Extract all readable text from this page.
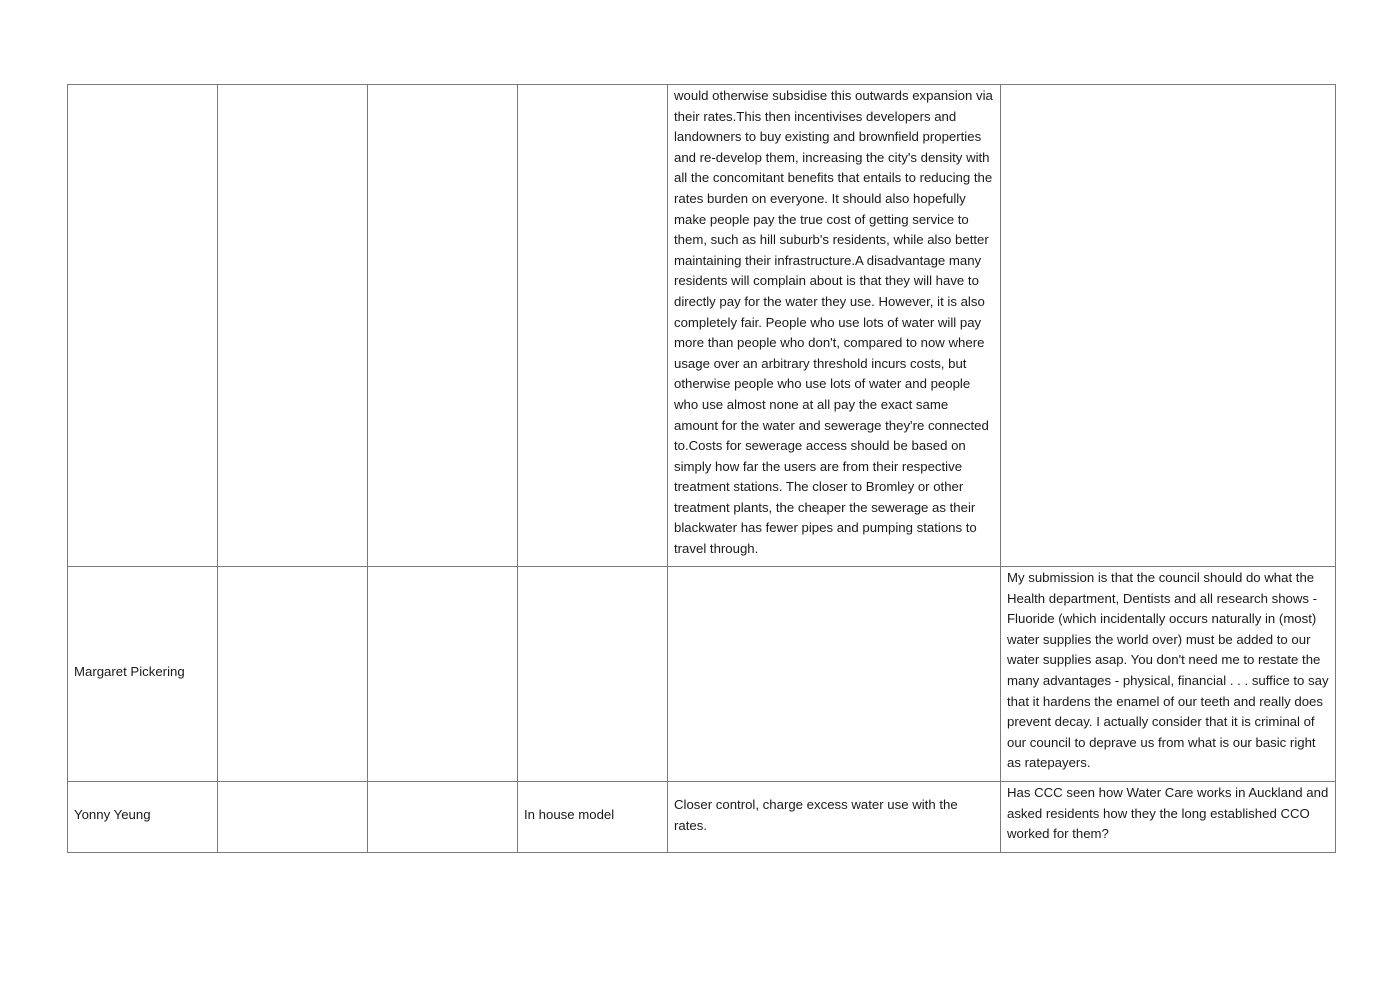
				would otherwise subsidise this outwards expansion via their rates.This then incentivises developers and landowners to buy existing and brownfield properties and re-develop them, increasing the city's density with all the concomitant benefits that entails to reducing the rates burden on everyone. It should also hopefully make people pay the true cost of getting service to them, such as hill suburb's residents, while also better maintaining their infrastructure.A disadvantage many residents will complain about is that they will have to directly pay for the water they use. However, it is also completely fair. People who use lots of water will pay more than people who don't, compared to now where usage over an arbitrary threshold incurs costs, but otherwise people who use lots of water and people who use almost none at all pay the exact same amount for the water and sewerage they're connected to.Costs for sewerage access should be based on simply how far the users are from their respective treatment stations. The closer to Bromley or other treatment plants, the cheaper the sewerage as their blackwater has fewer pipes and pumping stations to travel through.	
Margaret Pickering					My submission is that the council should do what the Health department, Dentists and all research shows - Fluoride (which incidentally occurs naturally in (most) water supplies the world over) must be added to our water supplies asap. You don't need me to restate the many advantages - physical, financial . . . suffice to say that it hardens the enamel of our teeth and really does prevent decay. I actually consider that it is criminal of our council to deprave us from what is our basic right as ratepayers.
Yonny Yeung			In house model	Closer control, charge excess water use with the rates.	Has CCC seen how Water Care works in Auckland and asked residents how they the long established CCO worked for them?
